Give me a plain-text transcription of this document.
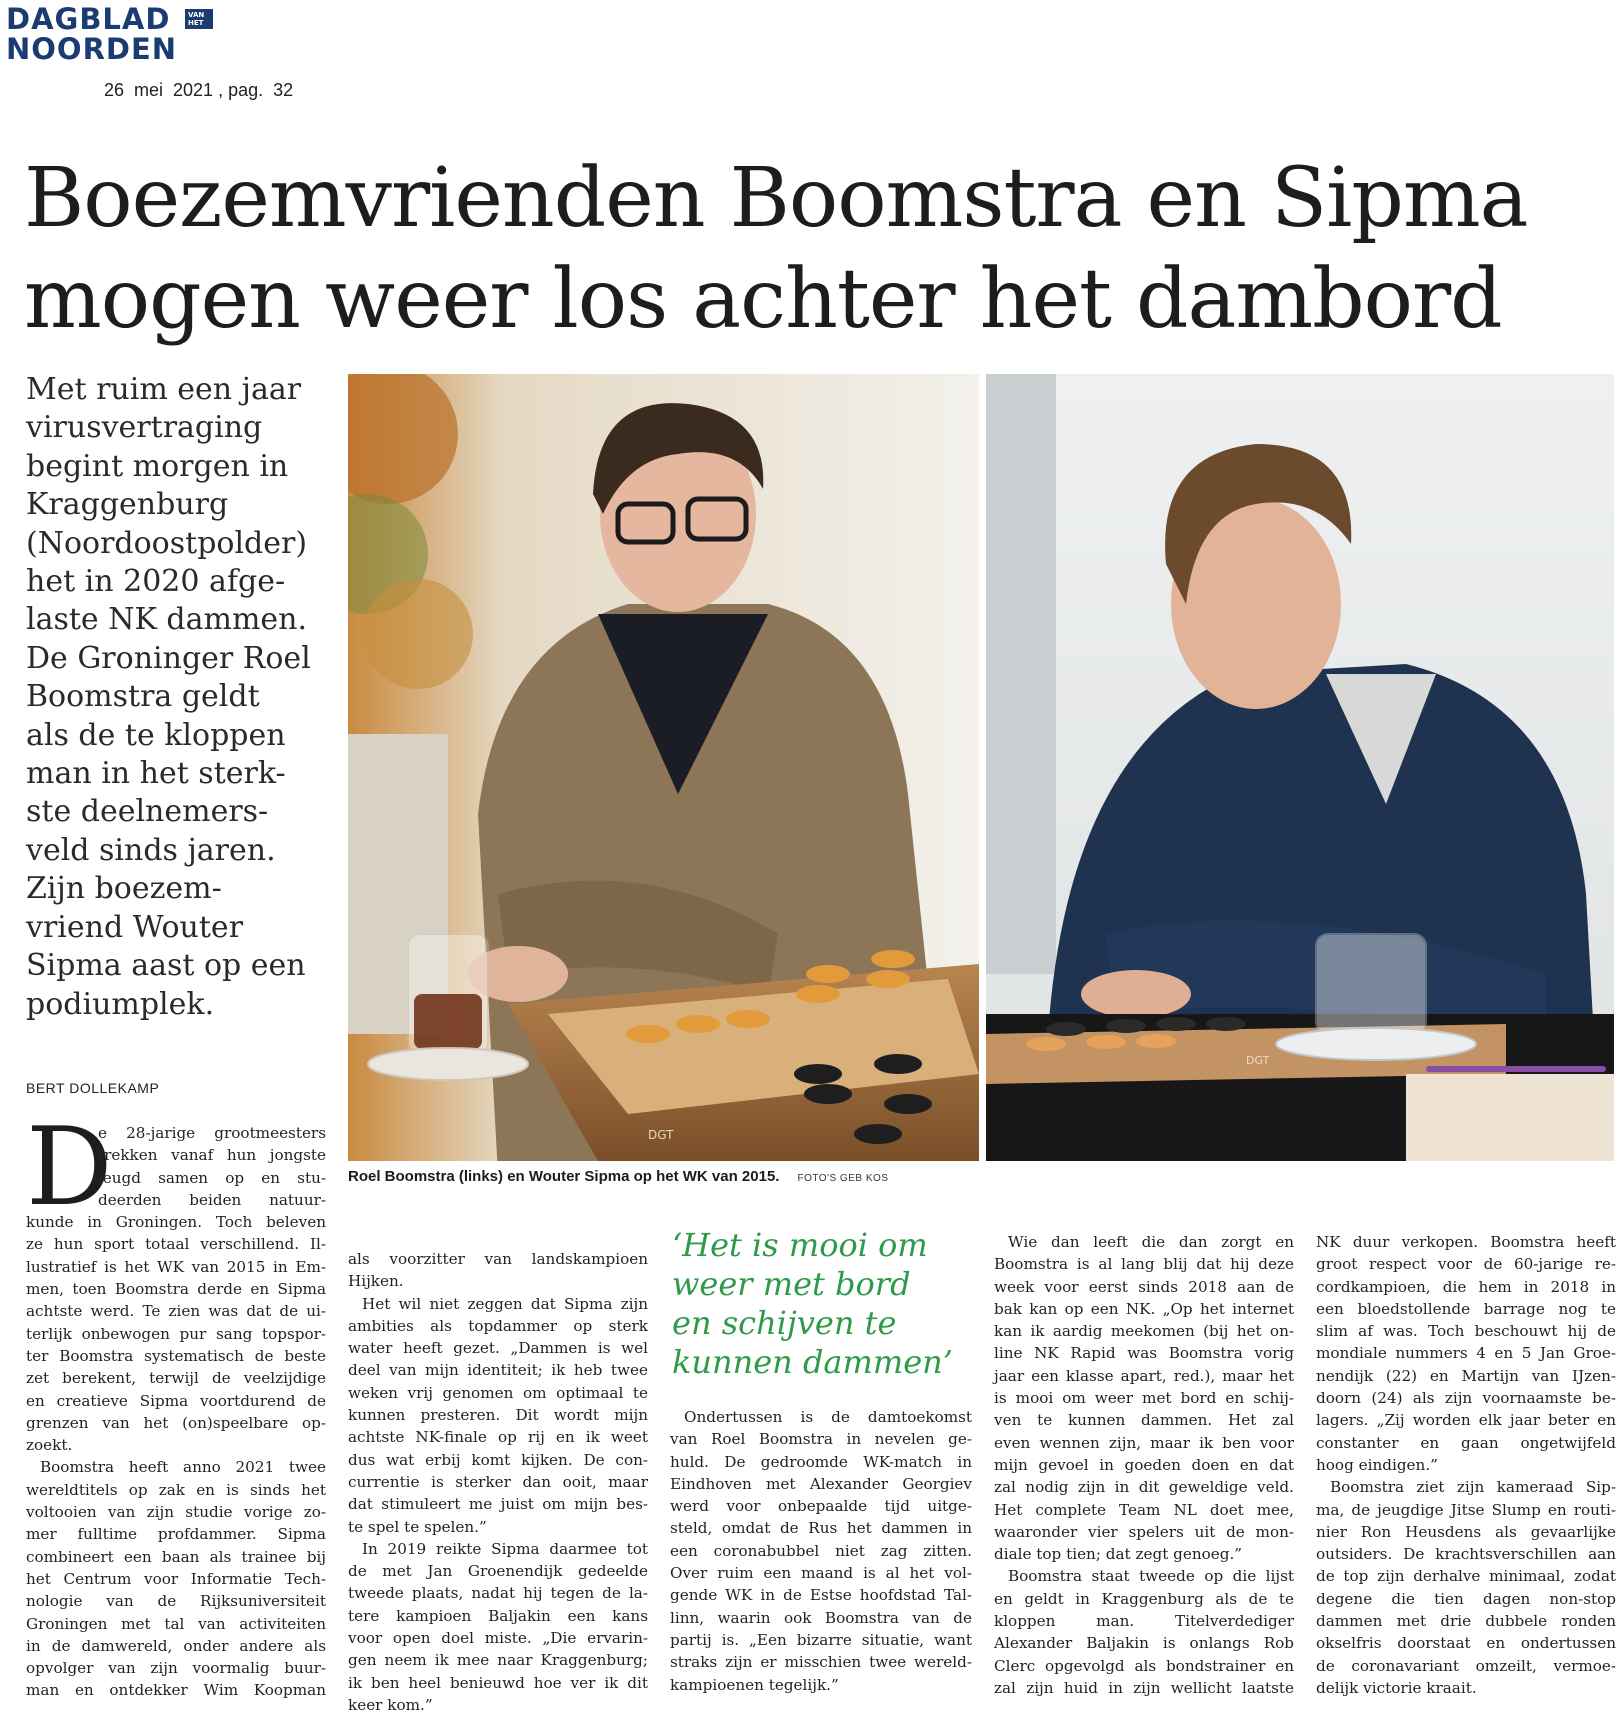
DAGBLAD	VAN HET
NOORDEN
26  mei  2021 , pag.  32
Boezemvrienden Boomstra en Sipma
mogen weer los achter het dambord
Met ruim een jaar
virusvertraging
begint morgen in
Kraggenburg
(Noordoostpolder)
het in 2020 afge-
laste NK dammen.
De Groninger Roel
Boomstra geldt
als de te kloppen
man in het sterk-
ste deelnemers-
veld sinds jaren.
Zijn boezem-
vriend Wouter
Sipma aast op een
podiumplek.
BERT DOLLEKAMP
DGT
DGT
Roel Boomstra (links) en Wouter Sipma op het WK van 2015. FOTO'S GEB KOS
D
e 28-jarige grootmeesters
trekken vanaf hun jongste
jeugd samen op en stu-
deerden beiden natuur-
kunde in Groningen. Toch beleven
ze hun sport totaal verschillend. Il-
lustratief is het WK van 2015 in Em-
men, toen Boomstra derde en Sipma
achtste werd. Te zien was dat de ui-
terlijk onbewogen pur sang topspor-
ter Boomstra systematisch de beste
zet berekent, terwijl de veelzijdige
en creatieve Sipma voortdurend de
grenzen van het (on)speelbare op-
zoekt.
Boomstra heeft anno 2021 twee
wereldtitels op zak en is sinds het
voltooien van zijn studie vorige zo-
mer fulltime profdammer. Sipma
combineert een baan als trainee bij
het Centrum voor Informatie Tech-
nologie van de Rijksuniversiteit
Groningen met tal van activiteiten
in de damwereld, onder andere als
opvolger van zijn voormalig buur-
man en ontdekker Wim Koopman
als voorzitter van landskampioen
Hijken.
Het wil niet zeggen dat Sipma zijn
ambities als topdammer op sterk
water heeft gezet. „Dammen is wel
deel van mijn identiteit; ik heb twee
weken vrij genomen om optimaal te
kunnen presteren. Dit wordt mijn
achtste NK-finale op rij en ik weet
dus wat erbij komt kijken. De con-
currentie is sterker dan ooit, maar
dat stimuleert me juist om mijn bes-
te spel te spelen.”
In 2019 reikte Sipma daarmee tot
de met Jan Groenendijk gedeelde
tweede plaats, nadat hij tegen de la-
tere kampioen Baljakin een kans
voor open doel miste. „Die ervarin-
gen neem ik mee naar Kraggenburg;
ik ben heel benieuwd hoe ver ik dit
keer kom.”
‘Het is mooi om
weer met bord
en schijven te
kunnen dammen’
Ondertussen is de damtoekomst
van Roel Boomstra in nevelen ge-
huld. De gedroomde WK-match in
Eindhoven met Alexander Georgiev
werd voor onbepaalde tijd uitge-
steld, omdat de Rus het dammen in
een coronabubbel niet zag zitten.
Over ruim een maand is al het vol-
gende WK in de Estse hoofdstad Tal-
linn, waarin ook Boomstra van de
partij is. „Een bizarre situatie, want
straks zijn er misschien twee wereld-
kampioenen tegelijk.”
Wie dan leeft die dan zorgt en
Boomstra is al lang blij dat hij deze
week voor eerst sinds 2018 aan de
bak kan op een NK. „Op het internet
kan ik aardig meekomen (bij het on-
line NK Rapid was Boomstra vorig
jaar een klasse apart, red.), maar het
is mooi om weer met bord en schij-
ven te kunnen dammen. Het zal
even wennen zijn, maar ik ben voor
mijn gevoel in goeden doen en dat
zal nodig zijn in dit geweldige veld.
Het complete Team NL doet mee,
waaronder vier spelers uit de mon-
diale top tien; dat zegt genoeg.”
Boomstra staat tweede op die lijst
en geldt in Kraggenburg als de te
kloppen man. Titelverdediger
Alexander Baljakin is onlangs Rob
Clerc opgevolgd als bondstrainer en
zal zijn huid in zijn wellicht laatste
NK duur verkopen. Boomstra heeft
groot respect voor de 60-jarige re-
cordkampioen, die hem in 2018 in
een bloedstollende barrage nog te
slim af was. Toch beschouwt hij de
mondiale nummers 4 en 5 Jan Groe-
nendijk (22) en Martijn van IJzen-
doorn (24) als zijn voornaamste be-
lagers. „Zij worden elk jaar beter en
constanter en gaan ongetwijfeld
hoog eindigen.”
Boomstra ziet zijn kameraad Sip-
ma, de jeugdige Jitse Slump en routi-
nier Ron Heusdens als gevaarlijke
outsiders. De krachtsverschillen aan
de top zijn derhalve minimaal, zodat
degene die tien dagen non-stop
dammen met drie dubbele ronden
okselfris doorstaat en ondertussen
de coronavariant omzeilt, vermoe-
delijk victorie kraait.
